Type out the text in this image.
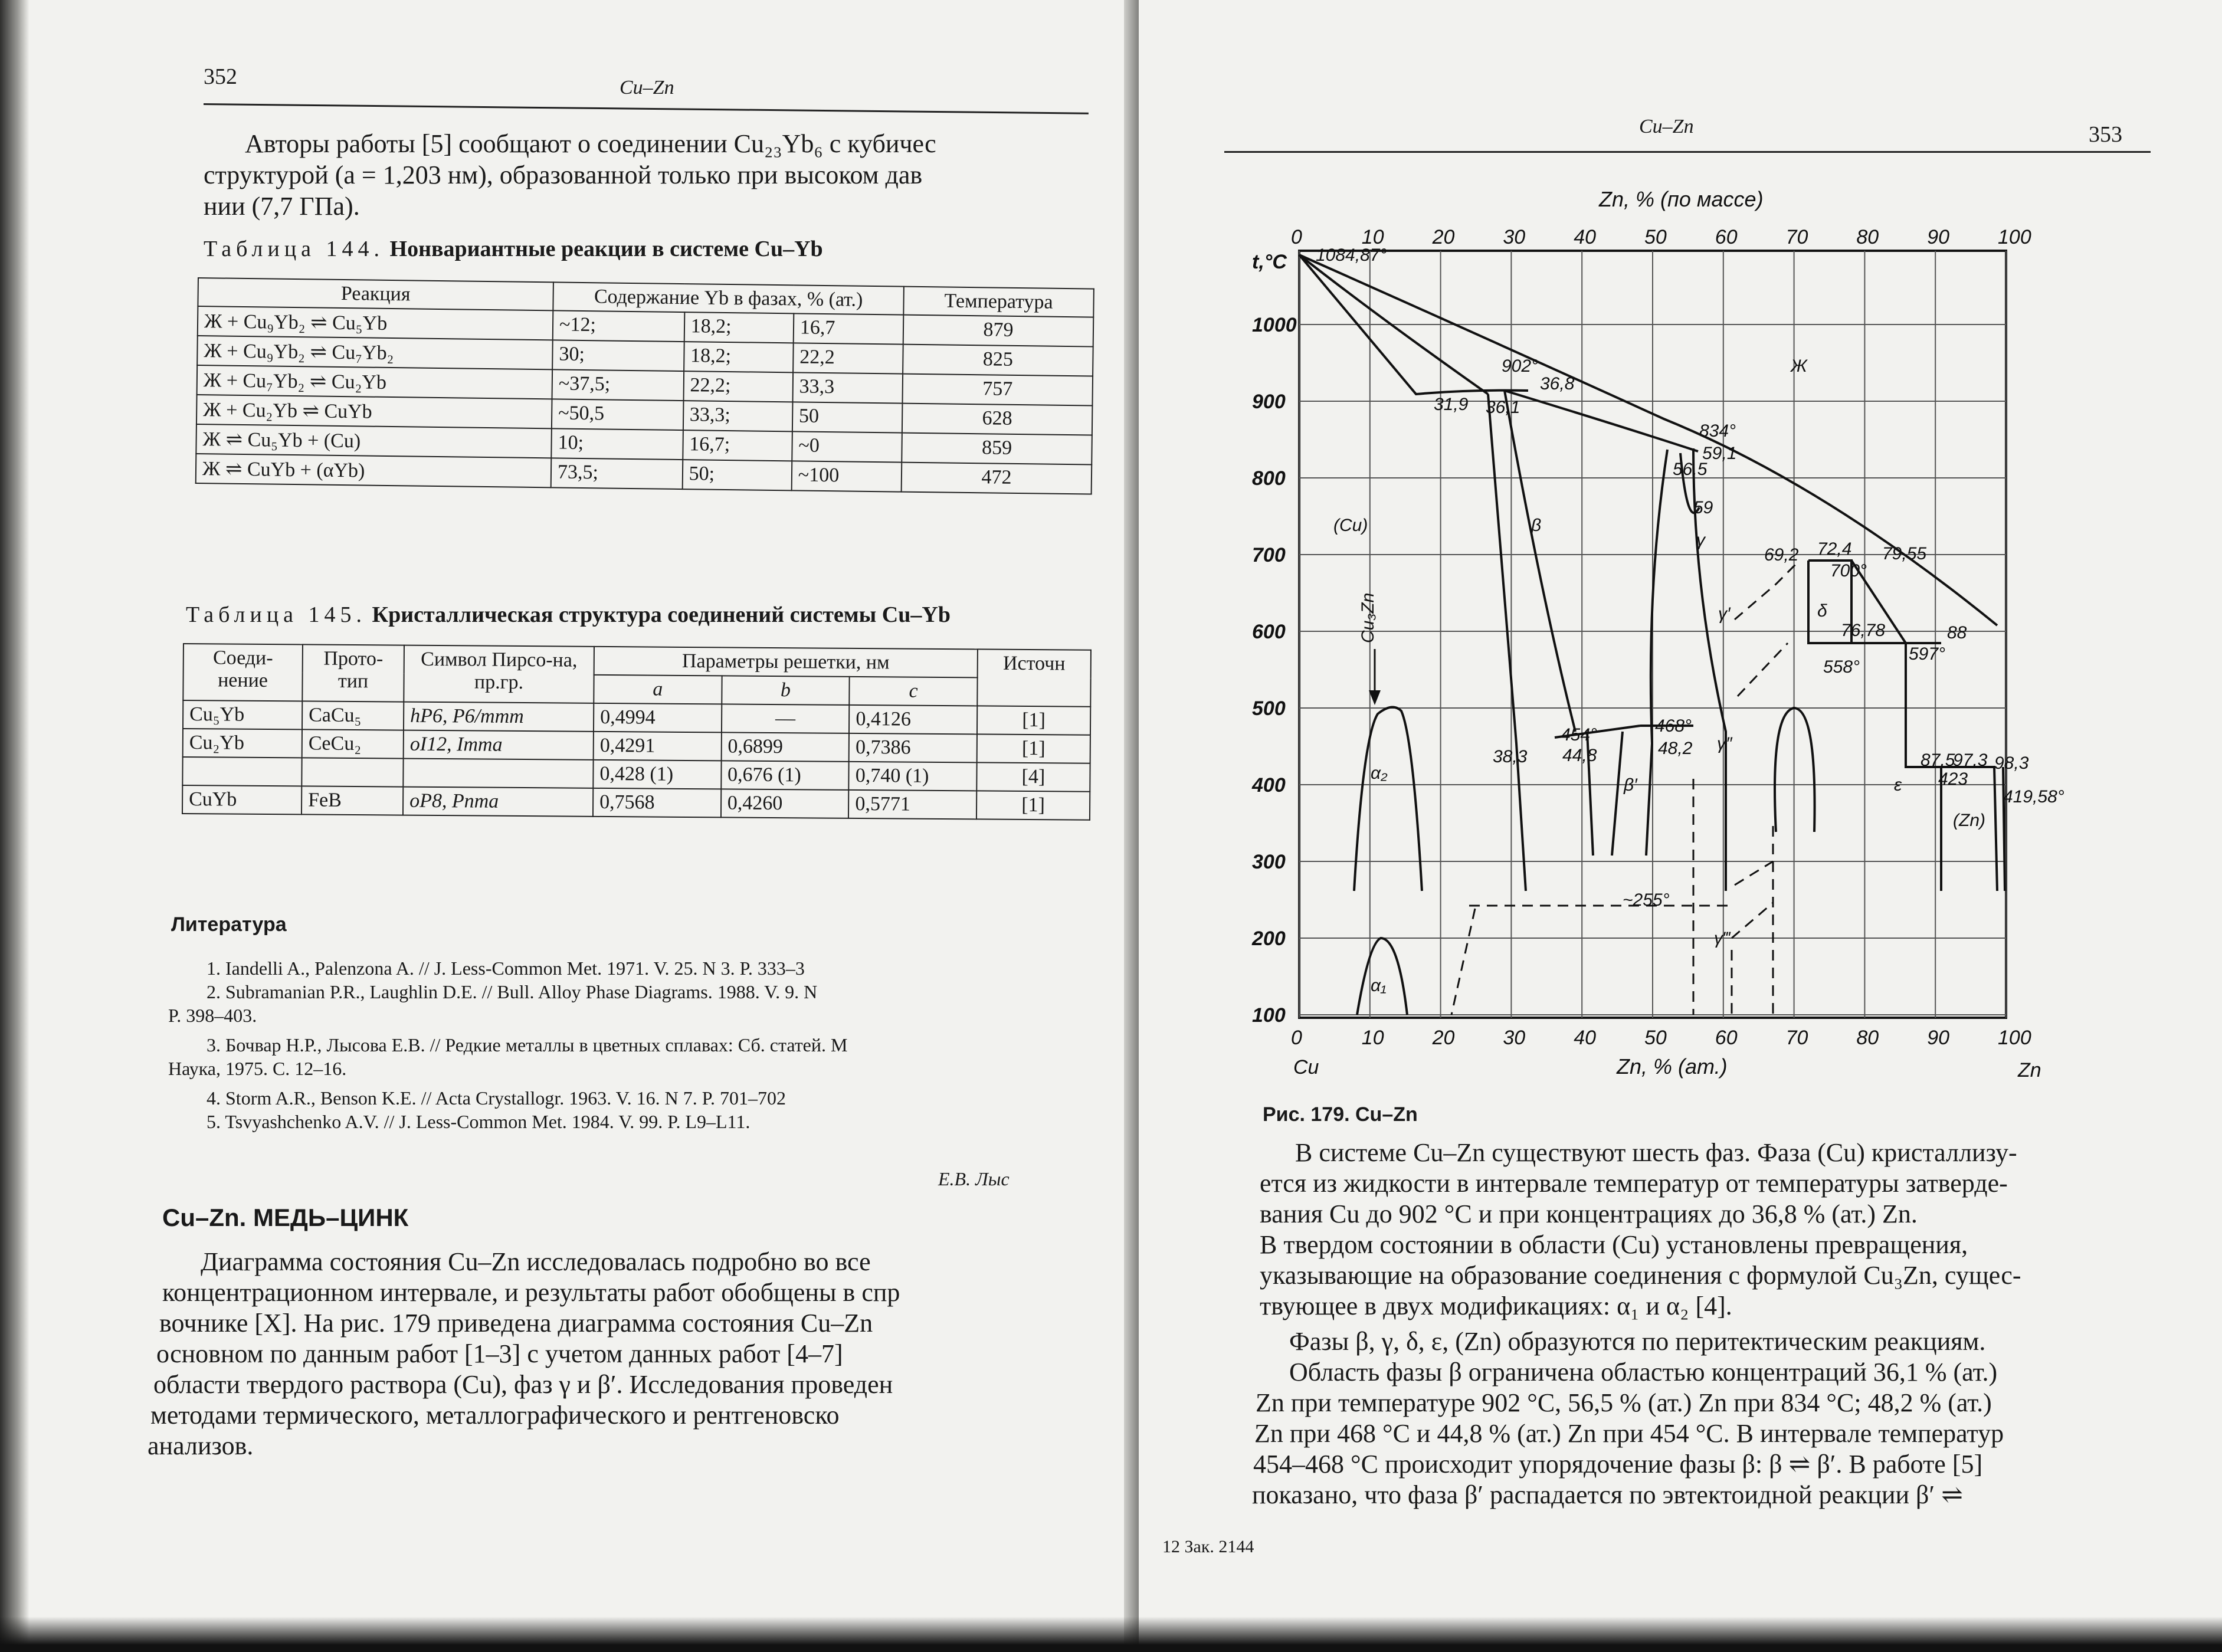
352	Cu–Zn
Авторы работы [5] сообщают о соединении Cu₂₃Yb₆ с кубичес
структурой (a = 1,203 нм), образованной только при высоком дав
нии (7,7 ГПа).
Таблица 144. Нонвариантные реакции в системе Cu–Yb
Реакция	Содержание Yb в фазах, % (ат.)			Температура
Ж + Cu₉Yb₂ ⇌ Cu₅Yb	~12;	18,2;	16,7	879
Ж + Cu₉Yb₂ ⇌ Cu₇Yb₂	30;	18,2;	22,2	825
Ж + Cu₇Yb₂ ⇌ Cu₂Yb	~37,5;	22,2;	33,3	757
Ж + Cu₂Yb ⇌ CuYb	~50,5	33,3;	50	628
Ж ⇌ Cu₅Yb + (Cu)	10;	16,7;	~0	859
Ж ⇌ CuYb + (αYb)	73,5;	50;	~100	472
Таблица 145. Кристаллическая структура соединений системы Cu–Yb
Соеди-нение	Прото-тип	Символ Пирсо-на, пр.гр.	Параметры решетки, нм			Источн
			a	b	c	
Cu₅Yb	CaCu₅	hP6, P6/mmm	0,4994	—	0,4126	[1]
Cu₂Yb	CeCu₂	oI12, Imma	0,4291	0,6899	0,7386	[1]
			0,428 (1)	0,676 (1)	0,740 (1)	[4]
CuYb	FeB	oP8, Pnma	0,7568	0,4260	0,5771	[1]
Литература
1. Iandelli A., Palenzona A. // J. Less-Common Met. 1971. V. 25. N 3. P. 333–3
2. Subramanian P.R., Laughlin D.E. // Bull. Alloy Phase Diagrams. 1988. V. 9. N
P. 398–403.
3. Бочвар Н.Р., Лысова Е.В. // Редкие металлы в цветных сплавах: Сб. статей. М
Наука, 1975. С. 12–16.
4. Storm A.R., Benson K.E. // Acta Crystallogr. 1963. V. 16. N 7. P. 701–702
5. Tsvyashchenko A.V. // J. Less-Common Met. 1984. V. 99. P. L9–L11.
Е.В. Лыс
Cu–Zn. МЕДЬ–ЦИНК
Диаграмма состояния Cu–Zn исследовалась подробно во все
концентрационном интервале, и результаты работ обобщены в спр
вочнике [X]. На рис. 179 приведена диаграмма состояния Cu–Zn
основном по данным работ [1–3] с учетом данных работ [4–7]
области твердого раствора (Cu), фаз γ и β′. Исследования проведен
методами термического, металлографического и рентгеновско
анализов.
Cu–Zn	353
1084,87°
902°
36,8
31,9 36,1
834°
59,1
56,5
59
69,2 72,4
700°
79,55
76,78
597°
88
558°
454°
38,3 44,8
468°
48,2
87,5
97,3 98,3
423
419,58°
~255°
Ж
(Cu)	β
γ
γ′
γ″
γ‴
δ
ε
(Zn)
α₂
α₁
β′
Cu₃Zn
0
0
10
10
20
20
30
30
40
40
50
50
60
60
70
70
80
80
90
90
100
100
1000
900
800
700
600
500
400
300
200
100
Zn, % (по массе)
Zn, % (ат.)
t,°C
Cu	Zn
Рис. 179. Cu–Zn
В системе Cu–Zn существуют шесть фаз. Фаза (Cu) кристаллизу-
ется из жидкости в интервале температур от температуры затверде-
вания Cu до 902 °С и при концентрациях до 36,8 % (ат.) Zn.
В твердом состоянии в области (Cu) установлены превращения,
указывающие на образование соединения с формулой Cu₃Zn, сущес-
твующее в двух модификациях: α₁ и α₂ [4].
Фазы β, γ, δ, ε, (Zn) образуются по перитектическим реакциям.
Область фазы β ограничена областью концентраций 36,1 % (ат.)
Zn при температуре 902 °С, 56,5 % (ат.) Zn при 834 °С; 48,2 % (ат.)
Zn при 468 °С и 44,8 % (ат.) Zn при 454 °С. В интервале температур
454–468 °С происходит упорядочение фазы β: β ⇌ β′. В работе [5]
показано, что фаза β′ распадается по эвтектоидной реакции β′ ⇌
12 Зак. 2144
